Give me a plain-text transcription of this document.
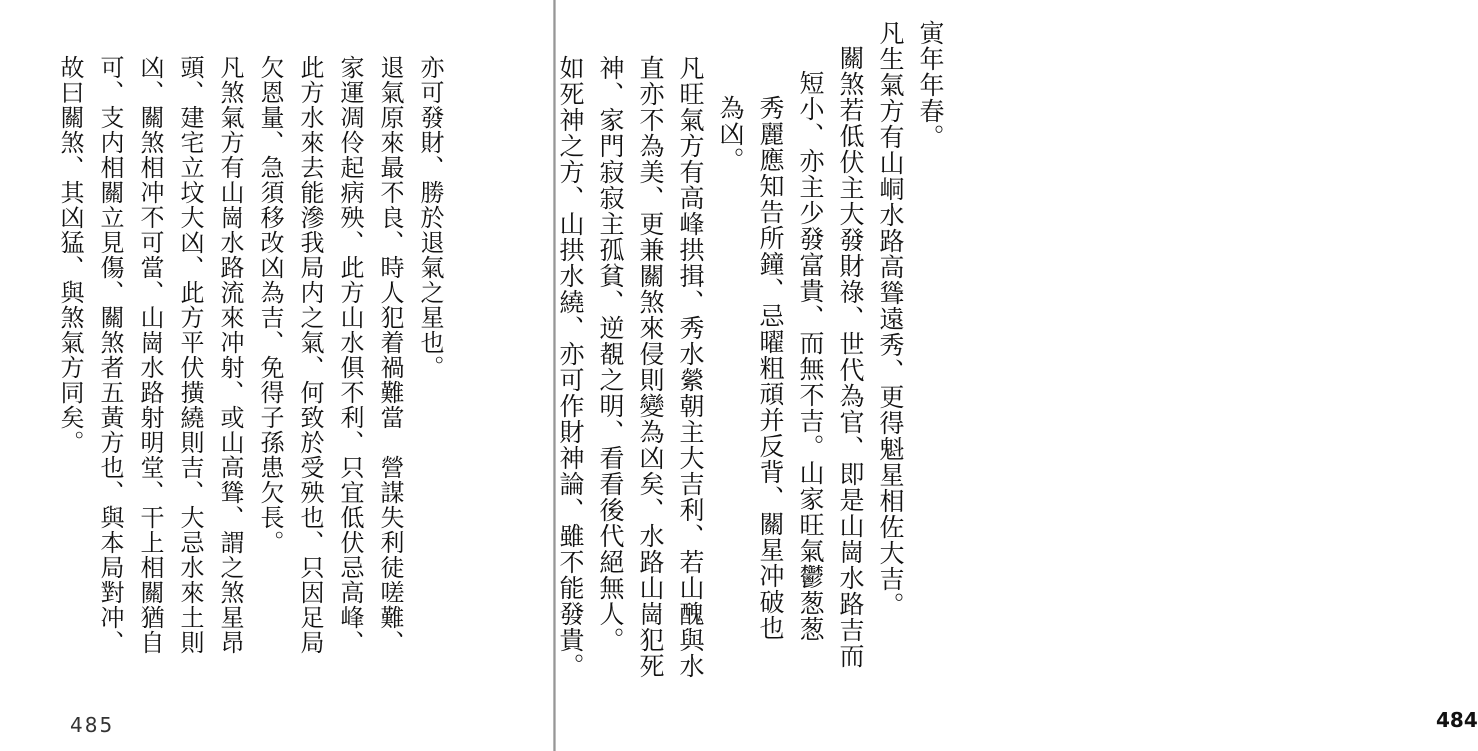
亦可發財、勝於退氣之星也。
退氣原來最不良、時人犯着禍難當　營謀失利徒嗟難、
家運凋伶起病殃、此方山水俱不利、只宜低伏忌高峰、
此方水來去能滲我局内之氣、何致於受殃也、只因足局
欠恩量、急須移改凶為吉、免得子孫患欠長。
凡煞氣方有山崗水路流來冲射、或山高聳、謂之煞星昂
頭、建宅立坟大凶、此方平伏撗繞則吉、大忌水來土則
凶、關煞相冲不可當、山崗水路射明堂、干上相關猶自
可、支内相關立見傷、關煞者五黃方也、與本局對冲、
故曰關煞、其凶猛、與煞氣方同矣。
485
寅年年春。
凡生氣方有山峒水路高聳遠秀、更得魁星相佐大吉。
關煞若低伏主大發財祿、世代為官、即是山崗水路吉而
短小、亦主少發富貴、而無不吉。山家旺氣鬱葱葱
秀麗應知告所鐘、忌曜粗頑并反背、關星冲破也
為凶。
凡旺氣方有高峰拱揖、秀水縈朝主大吉利、若山醜與水
直亦不為美、更兼關煞來侵則變為凶矣、水路山崗犯死
神、家門寂寂主孤貧、逆覩之明、看看後代絕無人。
如死神之方、山拱水繞、亦可作財神論、雖不能發貴。
484
